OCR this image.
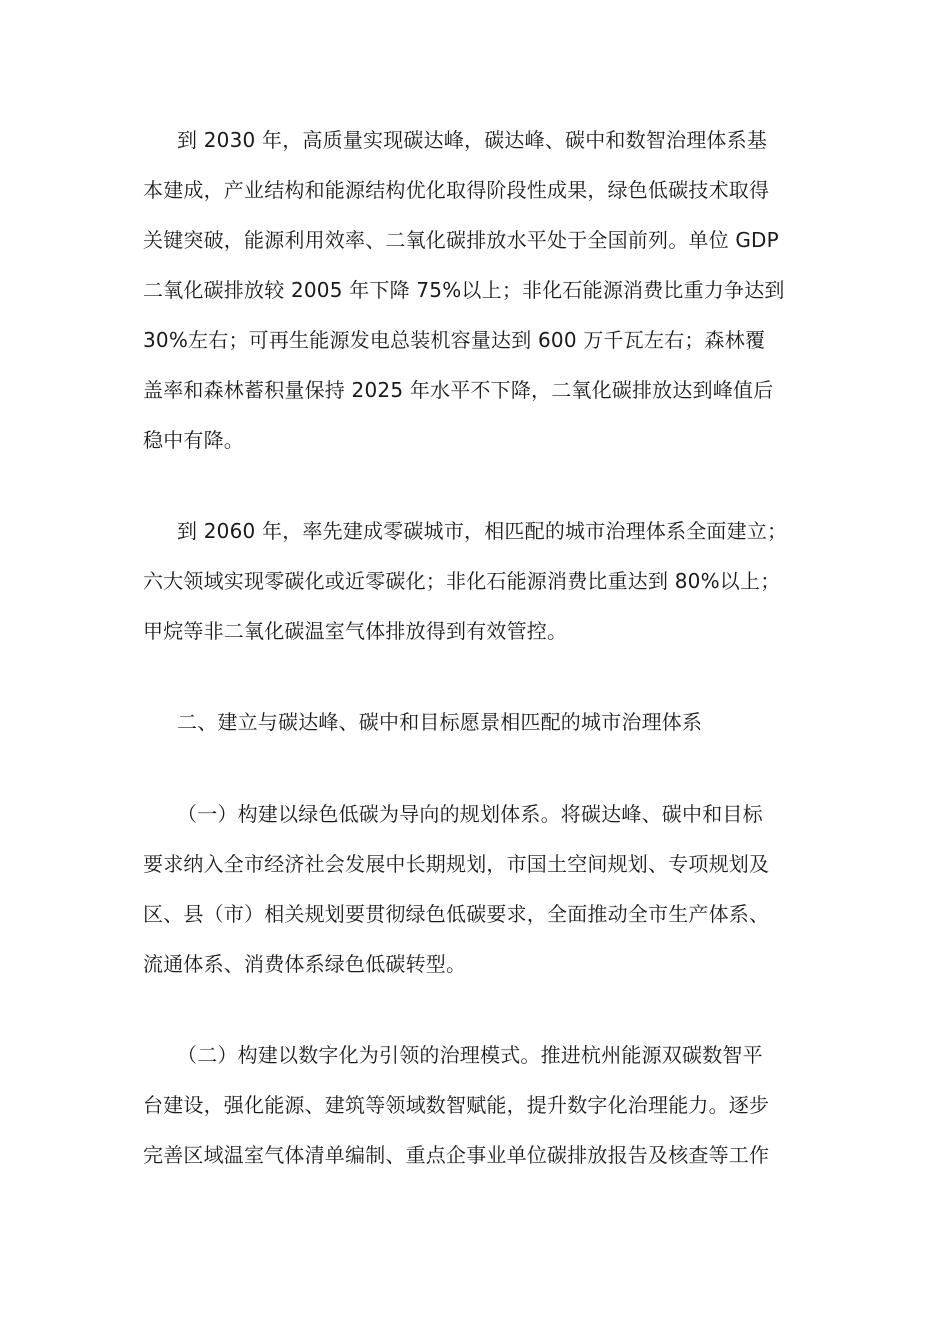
到 2030 年，高质量实现碳达峰，碳达峰、碳中和数智治理体系基
本建成，产业结构和能源结构优化取得阶段性成果，绿色低碳技术取得
关键突破，能源利用效率、二氧化碳排放水平处于全国前列。单位 GDP
二氧化碳排放较 2005 年下降 75%以上；非化石能源消费比重力争达到
30%左右；可再生能源发电总装机容量达到 600 万千瓦左右；森林覆
盖率和森林蓄积量保持 2025 年水平不下降，二氧化碳排放达到峰值后
稳中有降。
到 2060 年，率先建成零碳城市，相匹配的城市治理体系全面建立；
六大领域实现零碳化或近零碳化；非化石能源消费比重达到 80%以上；
甲烷等非二氧化碳温室气体排放得到有效管控。
二、建立与碳达峰、碳中和目标愿景相匹配的城市治理体系
（一）构建以绿色低碳为导向的规划体系。将碳达峰、碳中和目标
要求纳入全市经济社会发展中长期规划，市国土空间规划、专项规划及
区、县（市）相关规划要贯彻绿色低碳要求，全面推动全市生产体系、
流通体系、消费体系绿色低碳转型。
（二）构建以数字化为引领的治理模式。推进杭州能源双碳数智平
台建设，强化能源、建筑等领域数智赋能，提升数字化治理能力。逐步
完善区域温室气体清单编制、重点企事业单位碳排放报告及核查等工作
